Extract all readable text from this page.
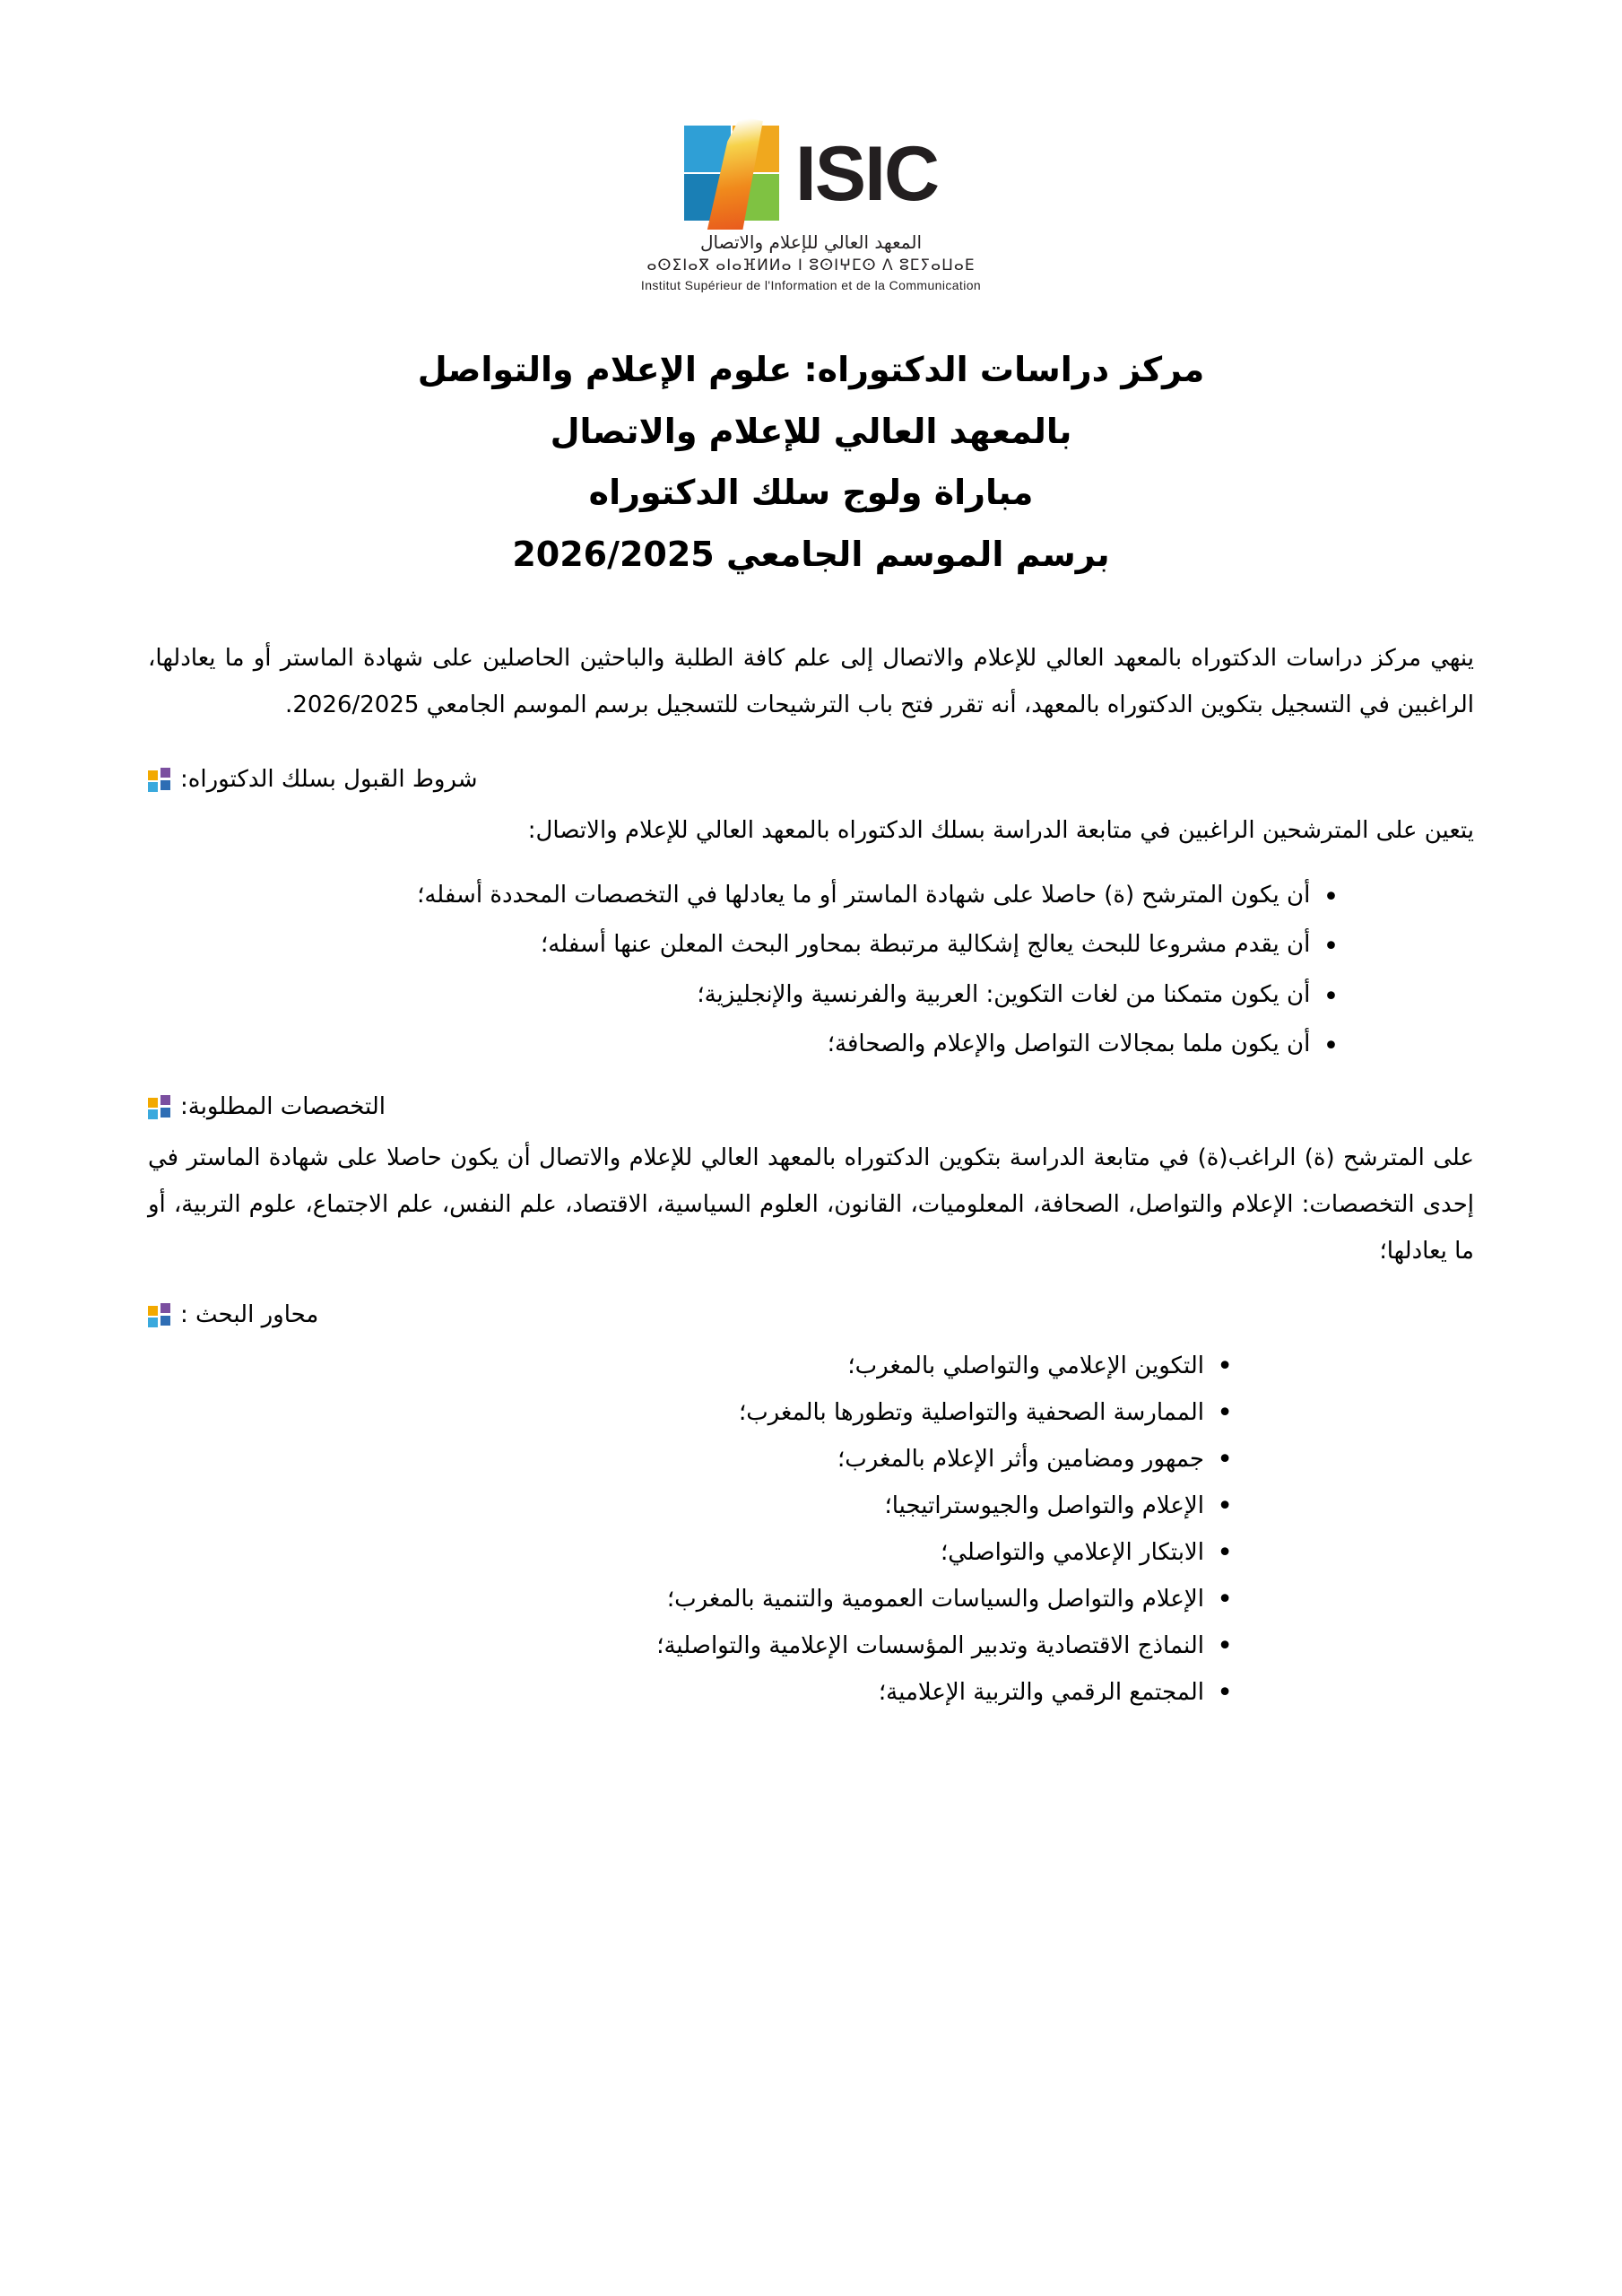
ISIC
المعهد العالي للإعلام والاتصال
ⴰⵙⵉⵏⴰⴳ ⴰⵏⴰⴼⵍⵍⴰ ⵏ ⵓⵙⵏⵖⵎⵙ ⴷ ⵓⵎⵢⴰⵡⴰⴹ
Institut Supérieur de l'Information et de la Communication
مركز دراسات الدكتوراه: علوم الإعلام والتواصل
بالمعهد العالي للإعلام والاتصال
مباراة ولوج سلك الدكتوراه
برسم الموسم الجامعي 2026/2025
ينهي مركز دراسات الدكتوراه بالمعهد العالي للإعلام والاتصال إلى علم كافة الطلبة والباحثين الحاصلين على شهادة الماستر أو ما يعادلها، الراغبين في التسجيل بتكوين الدكتوراه بالمعهد، أنه تقرر فتح باب الترشيحات للتسجيل برسم الموسم الجامعي 2026/2025.
شروط القبول بسلك الدكتوراه:
يتعين على المترشحين الراغبين في متابعة الدراسة بسلك الدكتوراه بالمعهد العالي للإعلام والاتصال:
• أن يكون المترشح (ة) حاصلا على شهادة الماستر أو ما يعادلها في التخصصات المحددة أسفله؛
• أن يقدم مشروعا للبحث يعالج إشكالية مرتبطة بمحاور البحث المعلن عنها أسفله؛
• أن يكون متمكنا من لغات التكوين: العربية والفرنسية والإنجليزية؛
• أن يكون ملما بمجالات التواصل والإعلام والصحافة؛
التخصصات المطلوبة:
على المترشح (ة) الراغب(ة) في متابعة الدراسة بتكوين الدكتوراه بالمعهد العالي للإعلام والاتصال أن يكون حاصلا على شهادة الماستر في إحدى التخصصات: الإعلام والتواصل، الصحافة، المعلوميات، القانون، العلوم السياسية، الاقتصاد، علم النفس، علم الاجتماع، علوم التربية، أو ما يعادلها؛
محاور البحث :
• التكوين الإعلامي والتواصلي بالمغرب؛
• الممارسة الصحفية والتواصلية وتطورها بالمغرب؛
• جمهور ومضامين وأثر الإعلام بالمغرب؛
• الإعلام والتواصل والجيوستراتيجيا؛
• الابتكار الإعلامي والتواصلي؛
• الإعلام والتواصل والسياسات العمومية والتنمية بالمغرب؛
• النماذج الاقتصادية وتدبير المؤسسات الإعلامية والتواصلية؛
• المجتمع الرقمي والتربية الإعلامية؛
